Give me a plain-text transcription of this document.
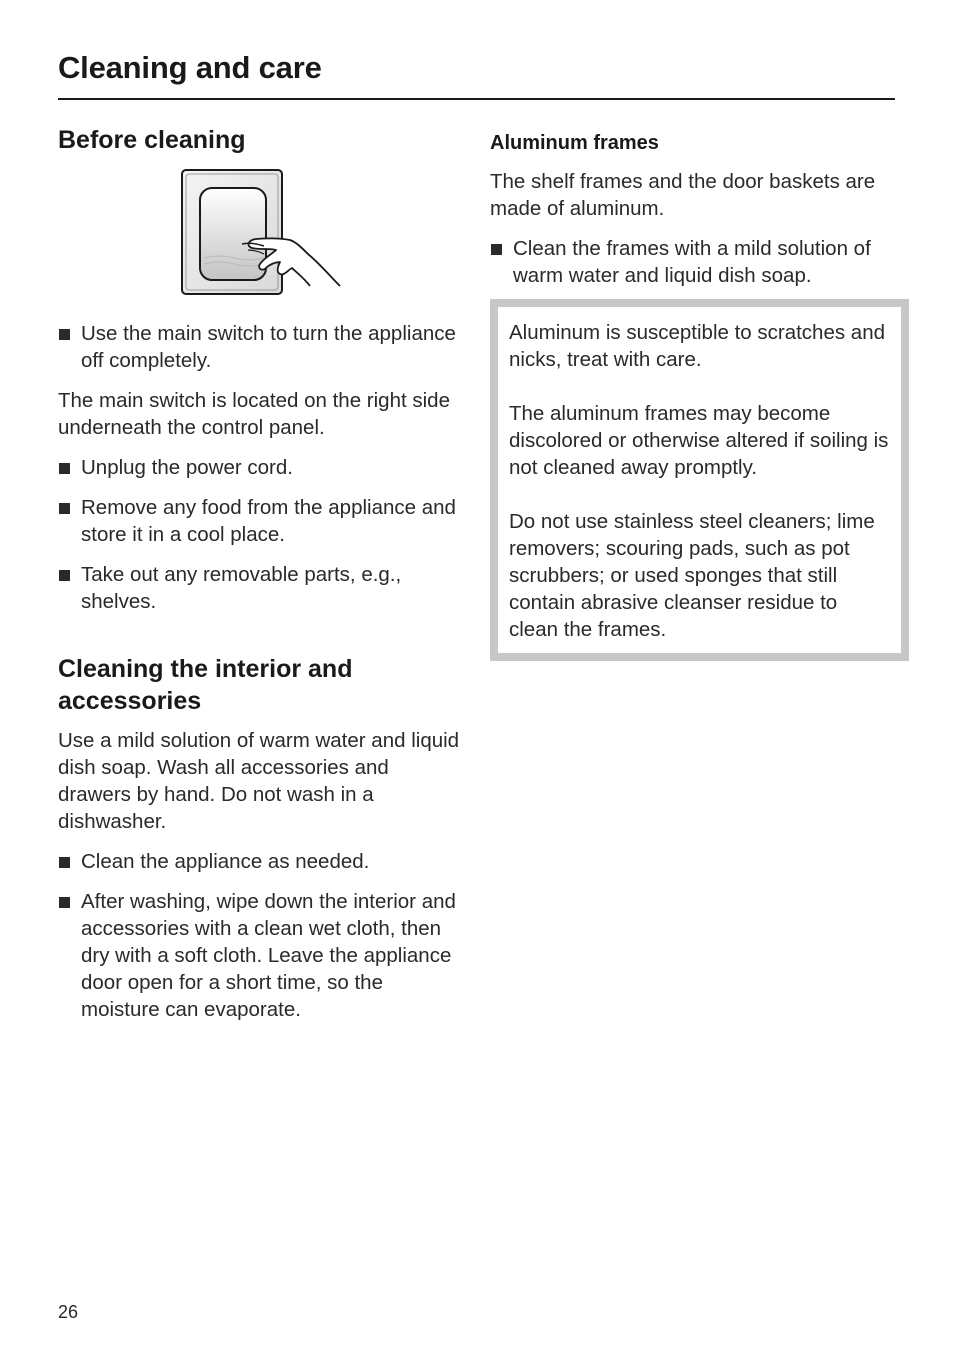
Cleaning and care
Before cleaning
Use the main switch to turn the appliance off completely.

The main switch is located on the right side underneath the control panel.

Unplug the power cord.
Remove any food from the appliance and store it in a cool place.
Take out any removable parts, e.g., shelves.
Cleaning the interior and accessories

Use a mild solution of warm water and liquid dish soap. Wash all accessories and drawers by hand. Do not wash in a dishwasher.

Clean the appliance as needed.
After washing, wipe down the interior and accessories with a clean wet cloth, then dry with a soft cloth. Leave the appliance door open for a short time, so the moisture can evaporate.
Aluminum frames

The shelf frames and the door baskets are made of aluminum.

Clean the frames with a mild solution of warm water and liquid dish soap.

Aluminum is susceptible to scratches and nicks, treat with care.

The aluminum frames may become discolored or otherwise altered if soiling is not cleaned away promptly.

Do not use stainless steel cleaners; lime removers; scouring pads, such as pot scrubbers; or used sponges that still contain abrasive cleanser residue to clean the frames.

26
